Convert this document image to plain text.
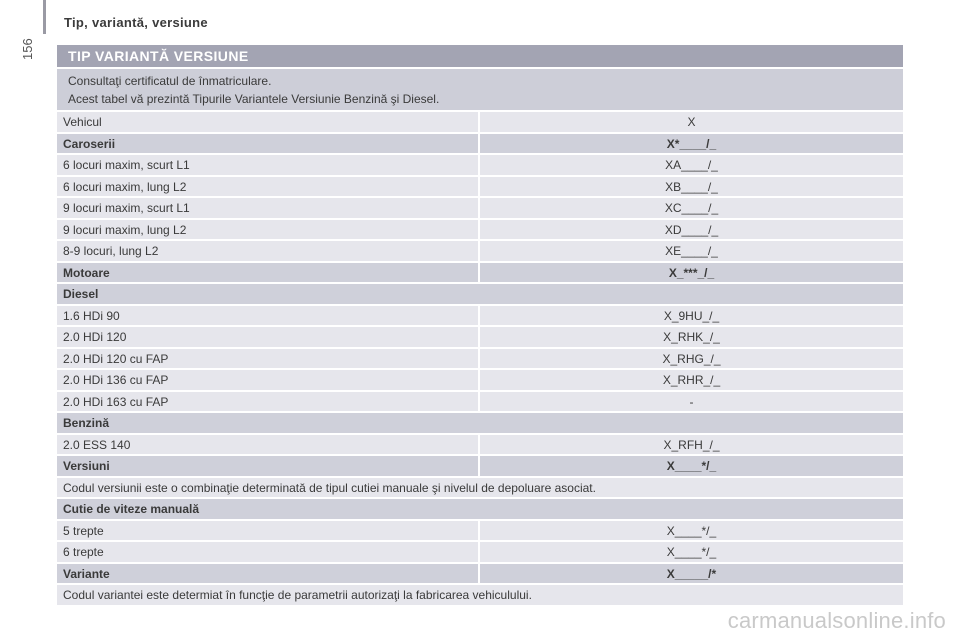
156
Tip, variantă, versiune
TIP VARIANTĂ VERSIUNE
Consultaţi certificatul de înmatriculare.
Acest tabel vă prezintă Tipurile Variantele Versiunie Benzină şi Diesel.
Vehicul	X
Caroserii	X*____/_
6 locuri maxim, scurt L1	XA____/_
6 locuri maxim, lung L2	XB____/_
9 locuri maxim, scurt L1	XC____/_
9 locuri maxim, lung L2	XD____/_
8-9 locuri, lung L2	XE____/_
Motoare	X_***_/_
Diesel
1.6 HDi 90	X_9HU_/_
2.0 HDi 120	X_RHK_/_
2.0 HDi 120 cu FAP	X_RHG_/_
2.0 HDi 136 cu FAP	X_RHR_/_
2.0 HDi 163 cu FAP	-
Benzină
2.0 ESS 140	X_RFH_/_
Versiuni	X____*/_
Codul versiunii este o combinaţie determinată de tipul cutiei manuale şi nivelul de depoluare asociat.
Cutie de viteze manuală
5 trepte	X____*/_
6 trepte	X____*/_
Variante	X_____/*
Codul variantei este determiat în funcţie de parametrii autorizaţi la fabricarea vehiculului.
carmanualsonline.info
